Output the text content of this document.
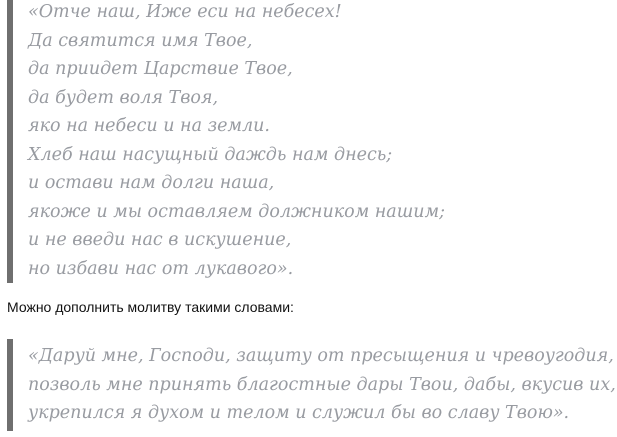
«Отче наш, Иже еси на небесех!
Да святится имя Твое,
да приидет Царствие Твое,
да будет воля Твоя,
яко на небеси и на земли.
Хлеб наш насущный даждь нам днесь;
и остави нам долги наша,
якоже и мы оставляем должником нашим;
и не введи нас в искушение,
но избави нас от лукавого».

Можно дополнить молитву такими словами:

«Даруй мне, Господи, защиту от пресыщения и чревоугодия,
позволь мне принять благостные дары Твои, дабы, вкусив их,
укрепился я духом и телом и служил бы во славу Твою».
